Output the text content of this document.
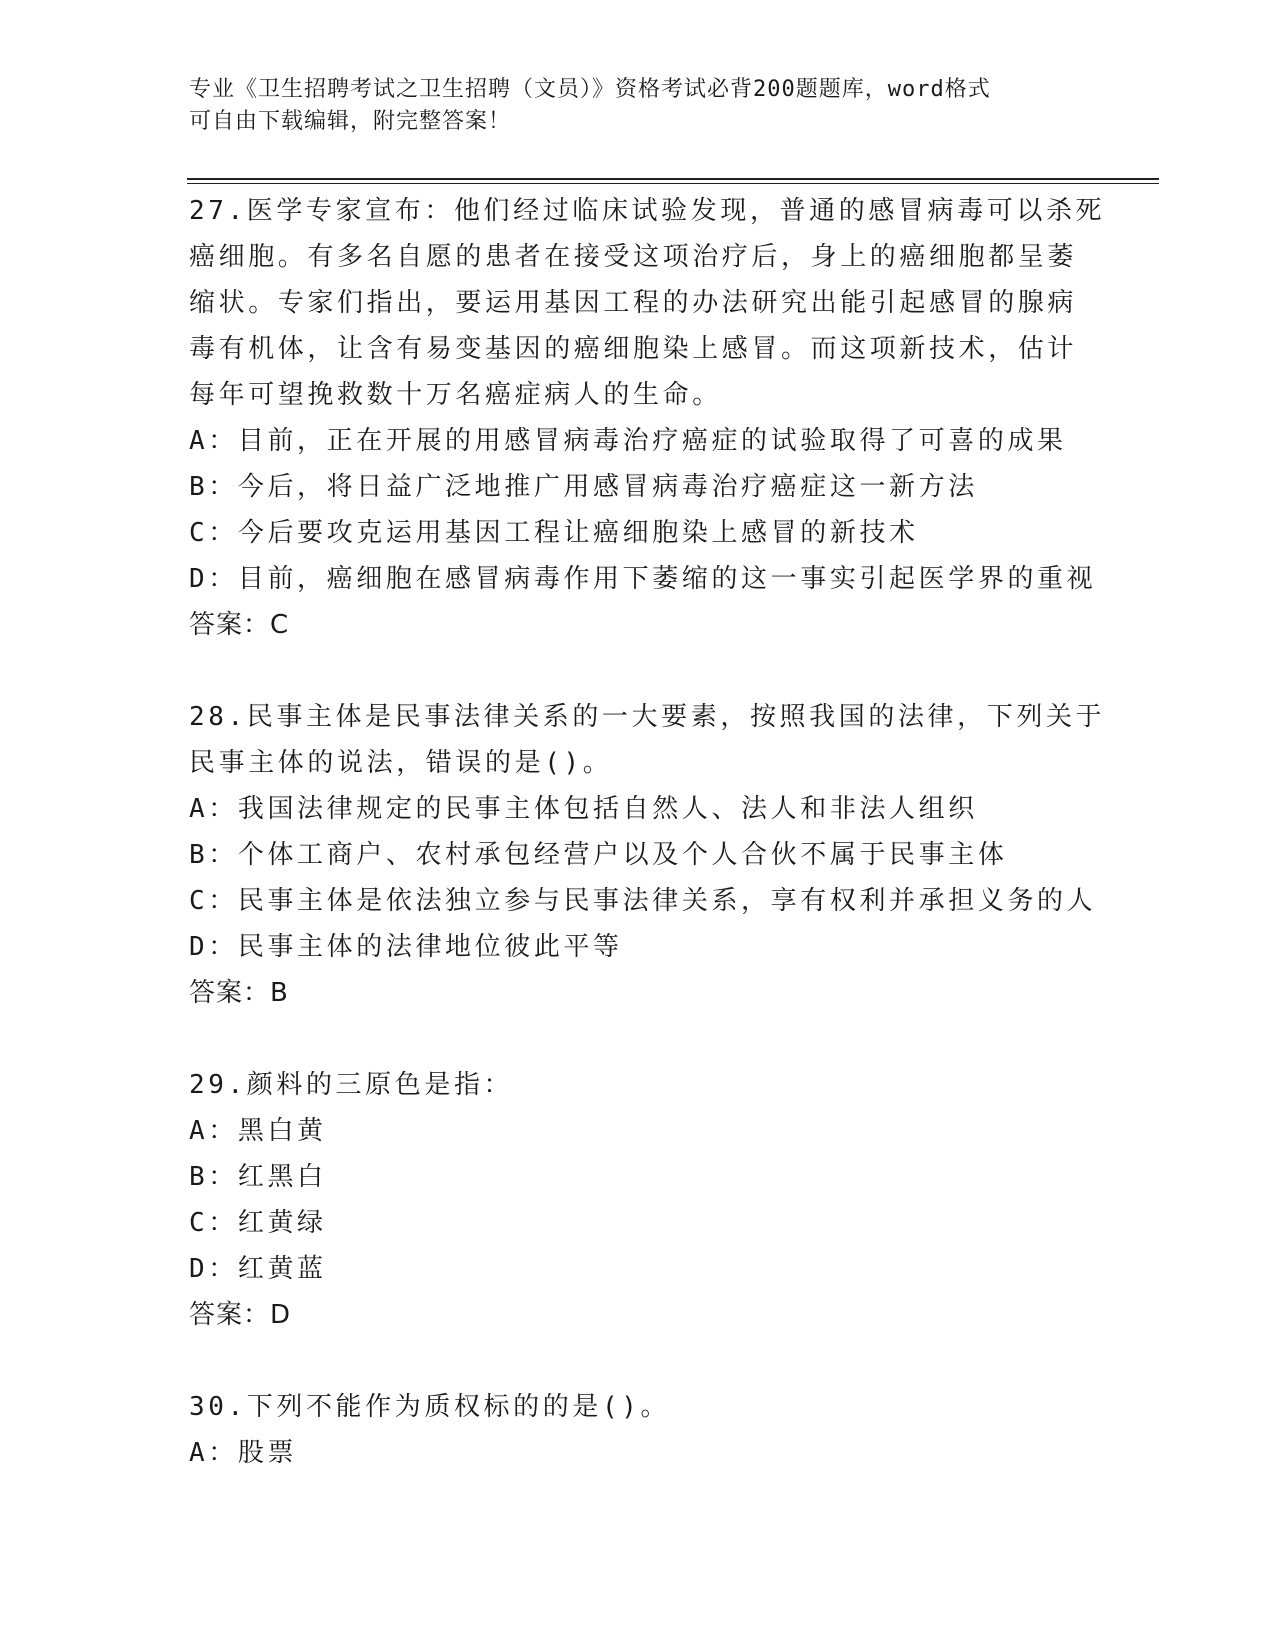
专业《卫生招聘考试之卫生招聘（文员）》资格考试必背200题题库，word格式
可自由下载编辑，附完整答案！
27.医学专家宣布：他们经过临床试验发现，普通的感冒病毒可以杀死
癌细胞。有多名自愿的患者在接受这项治疗后，身上的癌细胞都呈萎
缩状。专家们指出，要运用基因工程的办法研究出能引起感冒的腺病
毒有机体，让含有易变基因的癌细胞染上感冒。而这项新技术，估计
每年可望挽救数十万名癌症病人的生命。
A：目前，正在开展的用感冒病毒治疗癌症的试验取得了可喜的成果
B：今后，将日益广泛地推广用感冒病毒治疗癌症这一新方法
C：今后要攻克运用基因工程让癌细胞染上感冒的新技术
D：目前，癌细胞在感冒病毒作用下萎缩的这一事实引起医学界的重视
答案：C
28.民事主体是民事法律关系的一大要素，按照我国的法律，下列关于
民事主体的说法，错误的是()。
A：我国法律规定的民事主体包括自然人、法人和非法人组织
B：个体工商户、农村承包经营户以及个人合伙不属于民事主体
C：民事主体是依法独立参与民事法律关系，享有权利并承担义务的人
D：民事主体的法律地位彼此平等
答案：B
29.颜料的三原色是指：
A：黑白黄
B：红黑白
C：红黄绿
D：红黄蓝
答案：D
30.下列不能作为质权标的的是()。
A：股票
